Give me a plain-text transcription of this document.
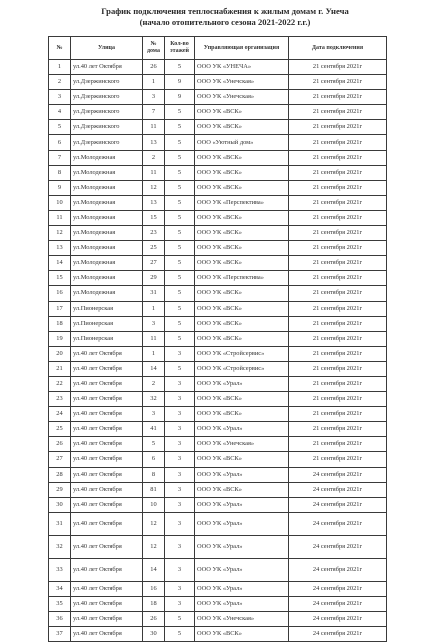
График подключения теплоснабжения к жилым домам г. Унеча
(начало отопительного сезона 2021-2022 г.г.)
№	Улица	№ дома	Кол-во этажей	Управляющая организация	Дата подключения
1	ул.40 лет Октября	26	5	ООО УК «УНЕЧА»	21 сентября 2021г
2	ул.Дзержинского	1	9	ООО УК «Унечская»	21 сентября 2021г
3	ул.Дзержинского	3	9	ООО УК «Унечская»	21 сентября 2021г
4	ул.Дзержинского	7	5	ООО УК «ВСК»	21 сентября 2021г
5	ул.Дзержинского	11	5	ООО УК «ВСК»	21 сентября 2021г
6	ул.Дзержинского	13	5	ООО «Уютный дом»	21 сентября 2021г
7	ул.Молодежная	2	5	ООО УК «ВСК»	21 сентября 2021г
8	ул.Молодежная	11	5	ООО УК «ВСК»	21 сентября 2021г
9	ул.Молодежная	12	5	ООО УК «ВСК»	21 сентября 2021г
10	ул.Молодежная	13	5	ООО УК «Перспектива»	21 сентября 2021г
11	ул.Молодежная	15	5	ООО УК «ВСК»	21 сентября 2021г
12	ул.Молодежная	23	5	ООО УК «ВСК»	21 сентября 2021г
13	ул.Молодежная	25	5	ООО УК «ВСК»	21 сентября 2021г
14	ул.Молодежная	27	5	ООО УК «ВСК»	21 сентября 2021г
15	ул.Молодежная	29	5	ООО УК «Перспектива»	21 сентября 2021г
16	ул.Молодежная	31	5	ООО УК «ВСК»	21 сентября 2021г
17	ул.Пионерская	1	5	ООО УК «ВСК»	21 сентября 2021г
18	ул.Пионерская	3	5	ООО УК «ВСК»	21 сентября 2021г
19	ул.Пионерская	11	5	ООО УК «ВСК»	21 сентября 2021г
20	ул.40 лет Октября	1	3	ООО УК «Стройсервис»	21 сентября 2021г
21	ул.40 лет Октября	14	5	ООО УК «Стройсервис»	21 сентября 2021г
22	ул.40 лет Октября	2	3	ООО УК «Урал»	21 сентября 2021г
23	ул.40 лет Октября	32	3	ООО УК «ВСК»	21 сентября 2021г
24	ул.40 лет Октября	3	3	ООО УК «ВСК»	21 сентября 2021г
25	ул.40 лет Октября	41	3	ООО УК «Урал»	21 сентября 2021г
26	ул.40 лет Октября	5	3	ООО УК «Унечская»	21 сентября 2021г
27	ул.40 лет Октября	6	3	ООО УК «ВСК»	21 сентября 2021г
28	ул.40 лет Октября	8	3	ООО УК «Урал»	24 сентября 2021г
29	ул.40 лет Октября	81	3	ООО УК «ВСК»	24 сентября 2021г
30	ул.40 лет Октября	10	3	ООО УК «Урал»	24 сентября 2021г
31	ул.40 лет Октября	12	3	ООО УК «Урал»	24 сентября 2021г
32	ул.40 лет Октября	12	3	ООО УК «Урал»	24 сентября 2021г
33	ул.40 лет Октября	14	3	ООО УК «Урал»	24 сентября 2021г
34	ул.40 лет Октября	16	3	ООО УК «Урал»	24 сентября 2021г
35	ул.40 лет Октября	18	3	ООО УК «Урал»	24 сентября 2021г
36	ул.40 лет Октября	26	5	ООО УК «Унечская»	24 сентября 2021г
37	ул.40 лет Октября	30	5	ООО УК «ВСК»	24 сентября 2021г
